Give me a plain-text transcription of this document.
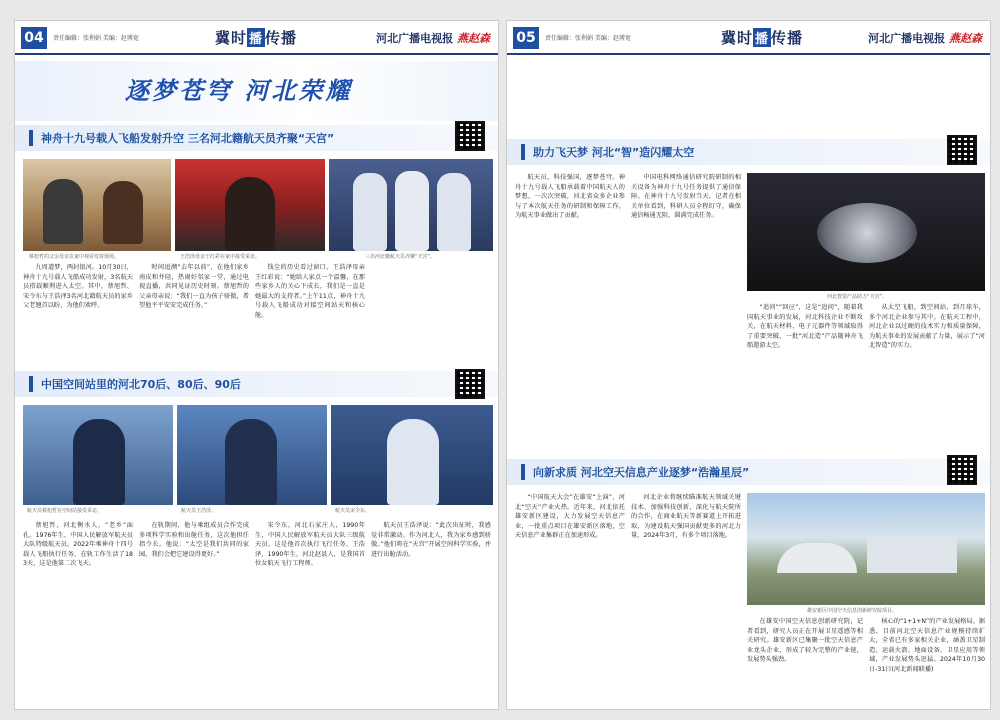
04	责任编辑：张利娟 美编：赵博宽	冀时 播 传播	河北广播电视报 燕赵森
逐梦苍穹 河北荣耀
神舟十九号载人飞船发射升空 三名河北籍航天员齐聚“天宫”
蔡旭哲的父亲母亲在家中观看发射现场。	王浩泽母亲王红彩在家中接受采访。	三名河北籍航天员齐聚“天宫”。

九周道梦，两封银河。10月30日，神舟十九号载人飞船成功发射，3名航天员搭载顺利进入太空。其中，蔡旭哲、宋令东与王浩泽3名河北籍航天员的家乡父老翘首以盼，为他们欢呼。

时间追溯“去年以前”，在他们家乡南皮和井陉，热闹好氛家一堂，通过电视直播，共同见证历史时刻。蔡旭哲的父亲母亲说：“我们一直为孩子骄傲，希望他平平安安完成任务。”

钱尘的历史看过窗口。王浩泽母亲王红彩说：“她给人家点一个温馨，在那些家乡人的关心下成长，我们是一直是她最大的支持者。”上午11点，神舟十九号载人飞船成功对接空间站天和核心舱。

中国空间站里的河北70后、80后、90后
航天员蔡旭哲在空间站接受采访。	航天员王浩泽。	航天员宋令东。

蔡旭哲，河北衡水人，“老乡”面孔。1976年生，中国人民解放军航天员大队特级航天员。2022年乘神舟十四号载人飞船执行任务，在轨工作生活了183天，这是他第二次飞天。

在轨期间，他与乘组成员合作完成多项科学实验和出舱任务，这次他担任指令长。他说：“太空是我们共同的家园，我们会把它建设得更好。”

宋令东，河北石家庄人，1990年生，中国人民解放军航天员大队三级航天员，这是他首次执行飞行任务。王浩泽，1990年生，河北赵县人，是我国首位女航天飞行工程师。

航天员王浩泽说：“此次出征时，我感觉非常激动。作为河北人，我为家乡感到骄傲。”他们将在“天宫”开展空间科学实验，并进行出舱活动。

05	责任编辑：张利娟 美编：赵博宽	冀时 播 传播	河北广播电视报 燕赵森
助力飞天梦 河北“智”造闪耀太空

航天员，科技强国，逐梦苍穹。神舟十九号载人飞船承载着中国航天人的梦想，一次次突破，河北省众多企业参与了本次航天任务的研制和保障工作，为航天事业做出了贡献。

中国电科网络通信研究院研制的相关设备为神舟十九号任务提供了通信保障。在神舟十九号发射当天，记者在相关单位看到，科研人员全程盯守，确保通信畅通无阻，圆满完成任务。

河北智造产品助力“天宫”。

“追问”“回应”，这是“追问”，随着我国航天事业的发展，河北科技企业不断攻关，在航天材料、电子元器件等领域取得了重要突破，一批“河北造”产品随神舟飞船遨游太空。

从太空飞船，到空间站，到月球车，多个河北企业参与其中。在航天工程中，河北企业以过硬的技术实力和质量保障，为航天事业的发展贡献了力量，展示了“河北智造”的实力。

向新求质 河北空天信息产业逐梦“浩瀚星辰”

“中国航天大会”在雄安“上演”，河北“空天”产业火热。近年来，河北依托雄安新区建设，大力发展空天信息产业，一批重点项目在雄安新区落地，空天信息产业集群正在加速形成。

河北企业将继续瞄准航天领域关键技术，加强科技创新，深化与航天院所的合作，在商业航天等新赛道上开拓进取，为建设航天强国贡献更多的河北力量，2024年3月，有多个项目落地。

雄安新区中国空天信息创新研究院项目。

在雄安中国空天信息创新研究院，记者看到，研究人员正在开展卫星遥感等相关研究。雄安新区已集聚一批空天信息产业龙头企业，形成了较为完整的产业链，发展势头强劲。

核心的“1+1+N”的产业发展格局。据悉，目前河北空天信息产业规模持续扩大，全省已有多家相关企业，涵盖卫星制造、运载火箭、地面设备、卫星应用等领域，产业发展势头迅猛。2024年10月30日-31日(河北新闻联播)
